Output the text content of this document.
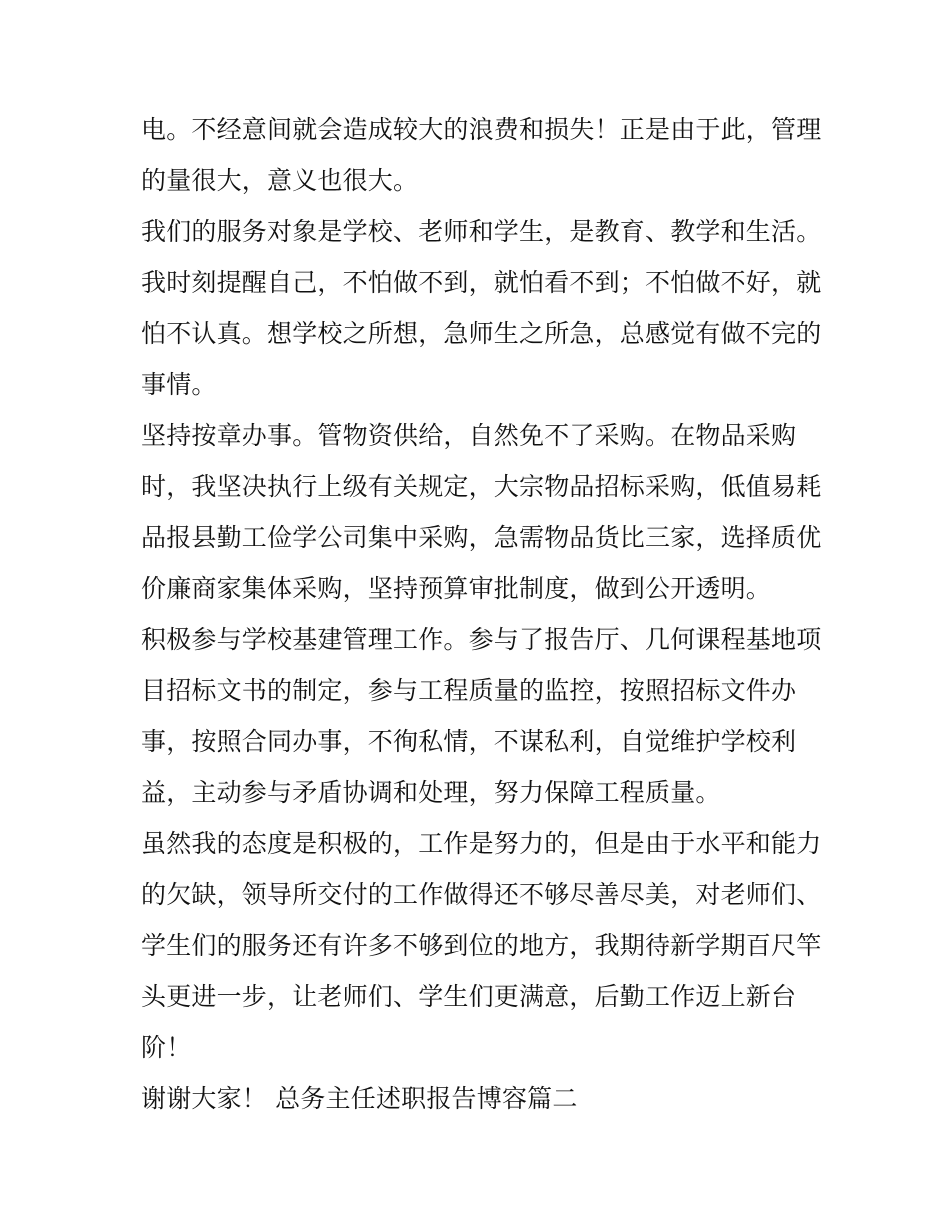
电。不经意间就会造成较大的浪费和损失！正是由于此，管理
的量很大，意义也很大。
我们的服务对象是学校、老师和学生，是教育、教学和生活。
我时刻提醒自己，不怕做不到，就怕看不到；不怕做不好，就
怕不认真。想学校之所想，急师生之所急，总感觉有做不完的
事情。
坚持按章办事。管物资供给，自然免不了采购。在物品采购
时，我坚决执行上级有关规定，大宗物品招标采购，低值易耗
品报县勤工俭学公司集中采购，急需物品货比三家，选择质优
价廉商家集体采购，坚持预算审批制度，做到公开透明。
积极参与学校基建管理工作。参与了报告厅、几何课程基地项
目招标文书的制定，参与工程质量的监控，按照招标文件办
事，按照合同办事，不徇私情，不谋私利，自觉维护学校利
益，主动参与矛盾协调和处理，努力保障工程质量。
虽然我的态度是积极的，工作是努力的，但是由于水平和能力
的欠缺，领导所交付的工作做得还不够尽善尽美，对老师们、
学生们的服务还有许多不够到位的地方，我期待新学期百尺竿
头更进一步，让老师们、学生们更满意，后勤工作迈上新台
阶！
谢谢大家！ 总务主任述职报告博容篇二
